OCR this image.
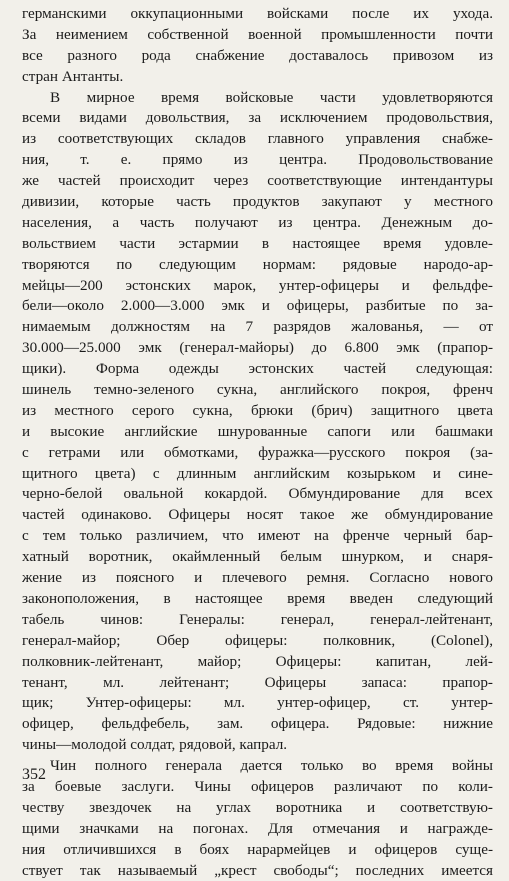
германскими оккупационными войсками после их ухода.
За неимением собственной военной промышленности почти
все разного рода снабжение доставалось привозом из
стран Антанты.
В мирное время войсковые части удовлетворяются
всеми видами довольствия, за исключением продовольствия,
из соответствующих складов главного управления снабже-
ния, т. е. прямо из центра. Продовольствование
же частей происходит через соответствующие интендантуры
дивизии, которые часть продуктов закупают у местного
населения, а часть получают из центра. Денежным до-
вольствием части эстармии в настоящее время удовле-
творяются по следующим нормам: рядовые народо-ар-
мейцы—200 эстонских марок, унтер-офицеры и фельдфе-
бели—около 2.000—3.000 эмк и офицеры, разбитые по за-
нимаемым должностям на 7 разрядов жалованья, — от
30.000—25.000 эмк (генерал-майоры) до 6.800 эмк (прапор-
щики). Форма одежды эстонских частей следующая:
шинель темно-зеленого сукна, английского покроя, френч
из местного серого сукна, брюки (брич) защитного цвета
и высокие английские шнурованные сапоги или башмаки
с гетрами или обмотками, фуражка—русского покроя (за-
щитного цвета) с длинным английским козырьком и сине-
черно-белой овальной кокардой. Обмундирование для всех
частей одинаково. Офицеры носят такое же обмундирование
с тем только различием, что имеют на френче черный бар-
хатный воротник, окаймленный белым шнурком, и снаря-
жение из поясного и плечевого ремня. Согласно нового
законоположения, в настоящее время введен следующий
табель чинов: Генералы: генерал, генерал-лейтенант,
генерал-майор; Обер офицеры: полковник, (Colonel),
полковник-лейтенант, майор; Офицеры: капитан, лей-
тенант, мл. лейтенант; Офицеры запаса: прапор-
щик; Унтер-офицеры: мл. унтер-офицер, ст. унтер-
офицер, фельдфебель, зам. офицера. Рядовые: нижние
чины—молодой солдат, рядовой, капрал.
Чин полного генерала дается только во время войны
за боевые заслуги. Чины офицеров различают по коли-
честву звездочек на углах воротника и соответствую-
щими значками на погонах. Для отмечания и награжде-
ния отличившихся в боях нарармейцев и офицеров суще-
ствует так называемый „крест свободы“; последних имеется
352
